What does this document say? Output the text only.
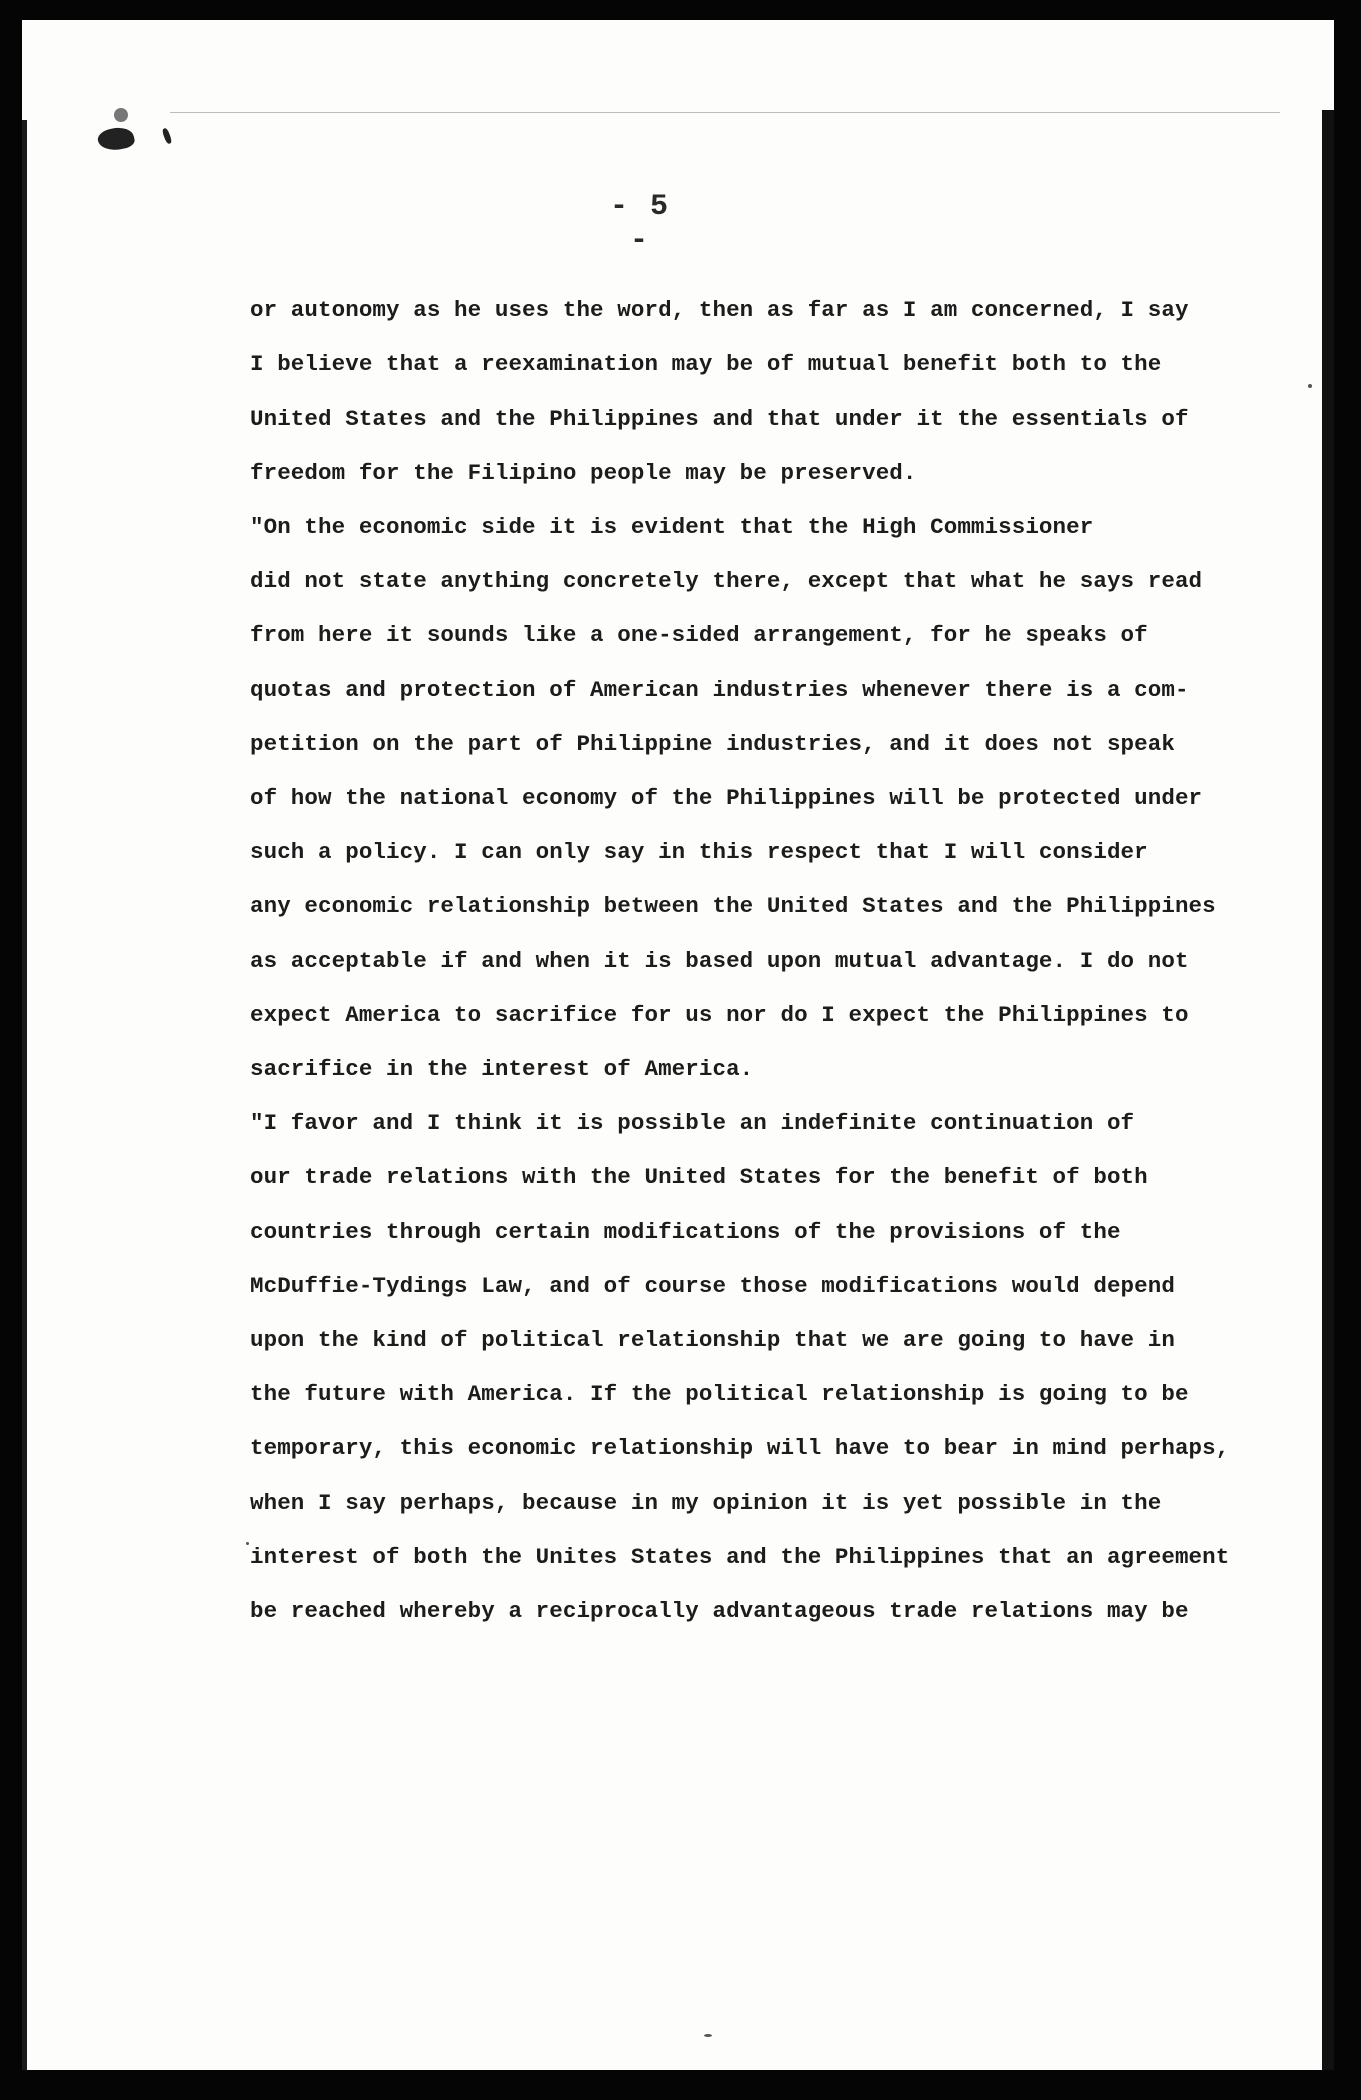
- 5 -
or autonomy as he uses the word, then as far as I am concerned, I say
I believe that a reexamination may be of mutual benefit both to the
United States and the Philippines and that under it the essentials of
freedom for the Filipino people may be preserved.
"On the economic side it is evident that the High Commissioner
did not state anything concretely there, except that what he says read
from here it sounds like a one-sided arrangement, for he speaks of
quotas and protection of American industries whenever there is a com-
petition on the part of Philippine industries, and it does not speak
of how the national economy of the Philippines will be protected under
such a policy. I can only say in this respect that I will consider
any economic relationship between the United States and the Philippines
as acceptable if and when it is based upon mutual advantage. I do not
expect America to sacrifice for us nor do I expect the Philippines to
sacrifice in the interest of America.
"I favor and I think it is possible an indefinite continuation of
our trade relations with the United States for the benefit of both
countries through certain modifications of the provisions of the
McDuffie-Tydings Law, and of course those modifications would depend
upon the kind of political relationship that we are going to have in
the future with America. If the political relationship is going to be
temporary, this economic relationship will have to bear in mind perhaps,
when I say perhaps, because in my opinion it is yet possible in the
interest of both the Unites States and the Philippines that an agreement
be reached whereby a reciprocally advantageous trade relations may be
